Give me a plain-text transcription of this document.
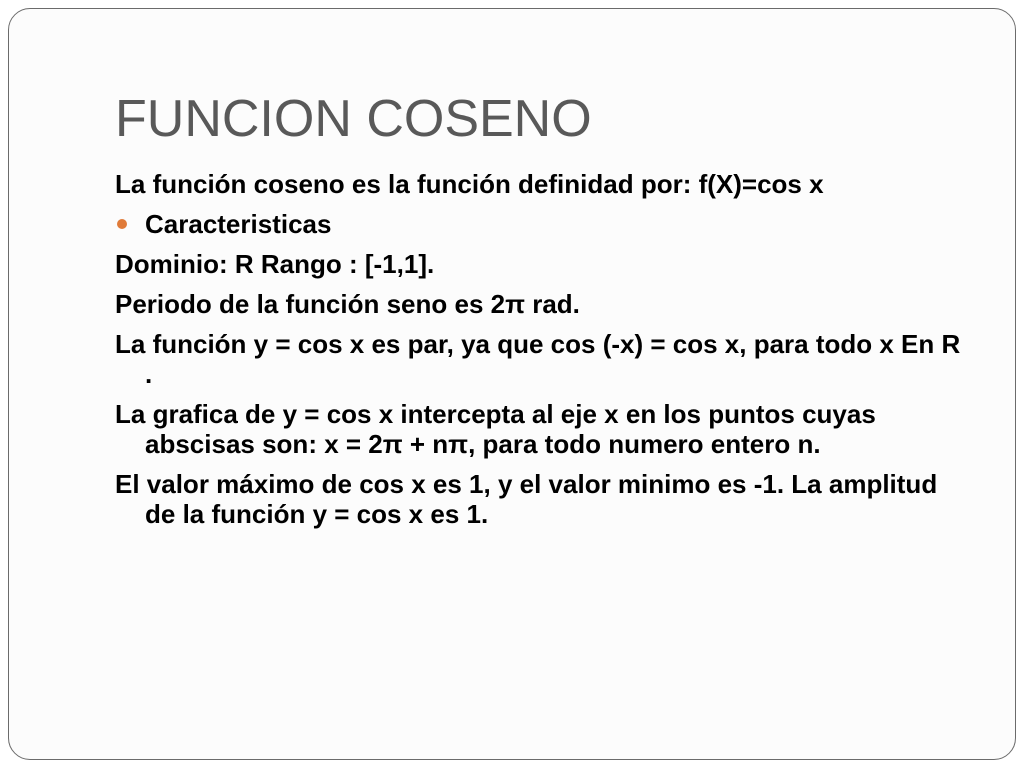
FUNCION COSENO

La función coseno es la función definidad por: f(X)=cos x

Caracteristicas

Dominio: R Rango : [-1,1].

Periodo de la función seno es 2π rad.

La función y = cos x es par, ya que cos (-x) = cos x, para todo x En R .

La grafica de y = cos x intercepta al eje x en los puntos cuyas abscisas son: x = 2π + nπ, para todo numero entero n.

El valor máximo de cos x es 1, y el valor minimo es -1. La amplitud de la función y = cos x es 1.
